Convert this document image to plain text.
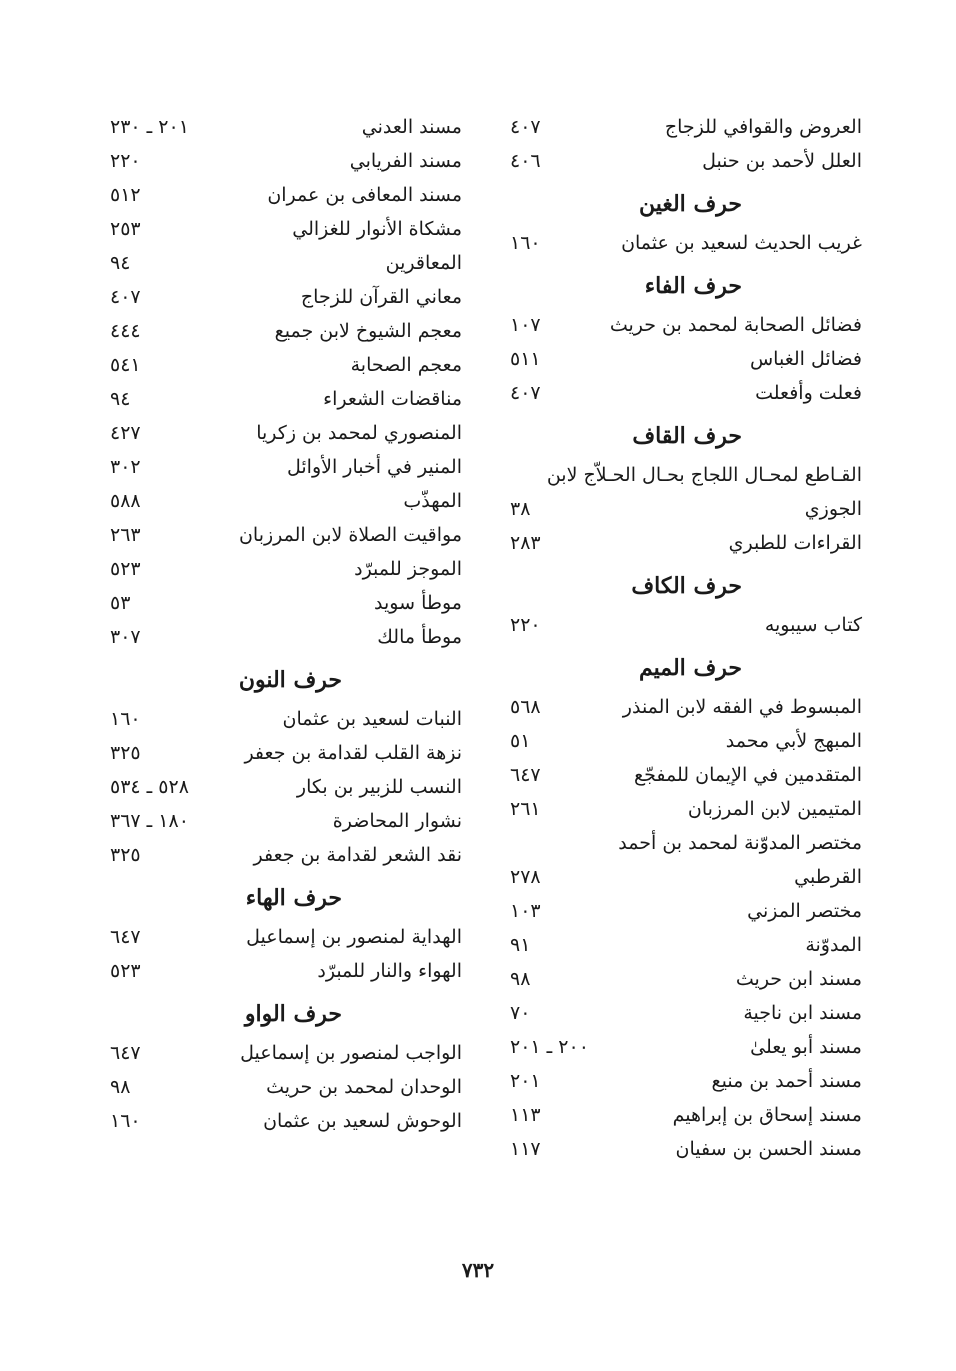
العروض والقوافي للزجاج
٤٠٧
العلل لأحمد بن حنبل
٤٠٦
حرف الغين
غريب الحديث لسعيد بن عثمان
١٦٠
حرف الفاء
فضائل الصحابة لمحمد بن حريث
١٠٧
فضائل الغباس
٥١١
فعلت وأفعلت
٤٠٧
حرف القاف
القـاطع لمحـال اللجاج بحـال الحـلاّج لابن
الجوزي
٣٨
القراءات للطبري
٢٨٣
حرف الكاف
كتاب سيبويه
٢٢٠
حرف الميم
المبسوط في الفقه لابن المنذر
٥٦٨
المبهج لأبي محمد
٥١
المتقدمين في الإيمان للمفجّع
٦٤٧
المتيمين لابن المرزبان
٢٦١
مختصر المدوّنة لمحمد بن أحمد
القرطبي
٢٧٨
مختصر المزني
١٠٣
المدوّنة
٩١
مسند ابن حريث
٩٨
مسند ابن ناجية
٧٠
مسند أبو يعلىٰ
٢٠٠ ـ ٢٠١
مسند أحمد بن منيع
٢٠١
مسند إسحاق بن إبراهيم
١١٣
مسند الحسن بن سفيان
١١٧
مسند العدني
٢٠١ ـ ٢٣٠
مسند الفريابي
٢٢٠
مسند المعافى بن عمران
٥١٢
مشكاة الأنوار للغزالي
٢٥٣
المعاقرين
٩٤
معاني القرآن للزجاج
٤٠٧
معجم الشيوخ لابن جميع
٤٤٤
معجم الصحابة
٥٤١
مناقضات الشعراء
٩٤
المنصوري لمحمد بن زكريا
٤٢٧
المنير في أخبار الأوائل
٣٠٢
المهذّب
٥٨٨
مواقيت الصلاة لابن المرزبان
٢٦٣
الموجز للمبرّد
٥٢٣
موطأ سويد
٥٣
موطأ مالك
٣٠٧
حرف النون
النبات لسعيد بن عثمان
١٦٠
نزهة القلب لقدامة بن جعفر
٣٢٥
النسب للزبير بن بكار
٥٢٨ ـ ٥٣٤
نشوار المحاضرة
١٨٠ ـ ٣٦٧
نقد الشعر لقدامة بن جعفر
٣٢٥
حرف الهاء
الهداية لمنصور بن إسماعيل
٦٤٧
الهواء والنار للمبرّد
٥٢٣
حرف الواو
الواجب لمنصور بن إسماعيل
٦٤٧
الوحدان لمحمد بن حريث
٩٨
الوحوش لسعيد بن عثمان
١٦٠
٧٣٢
